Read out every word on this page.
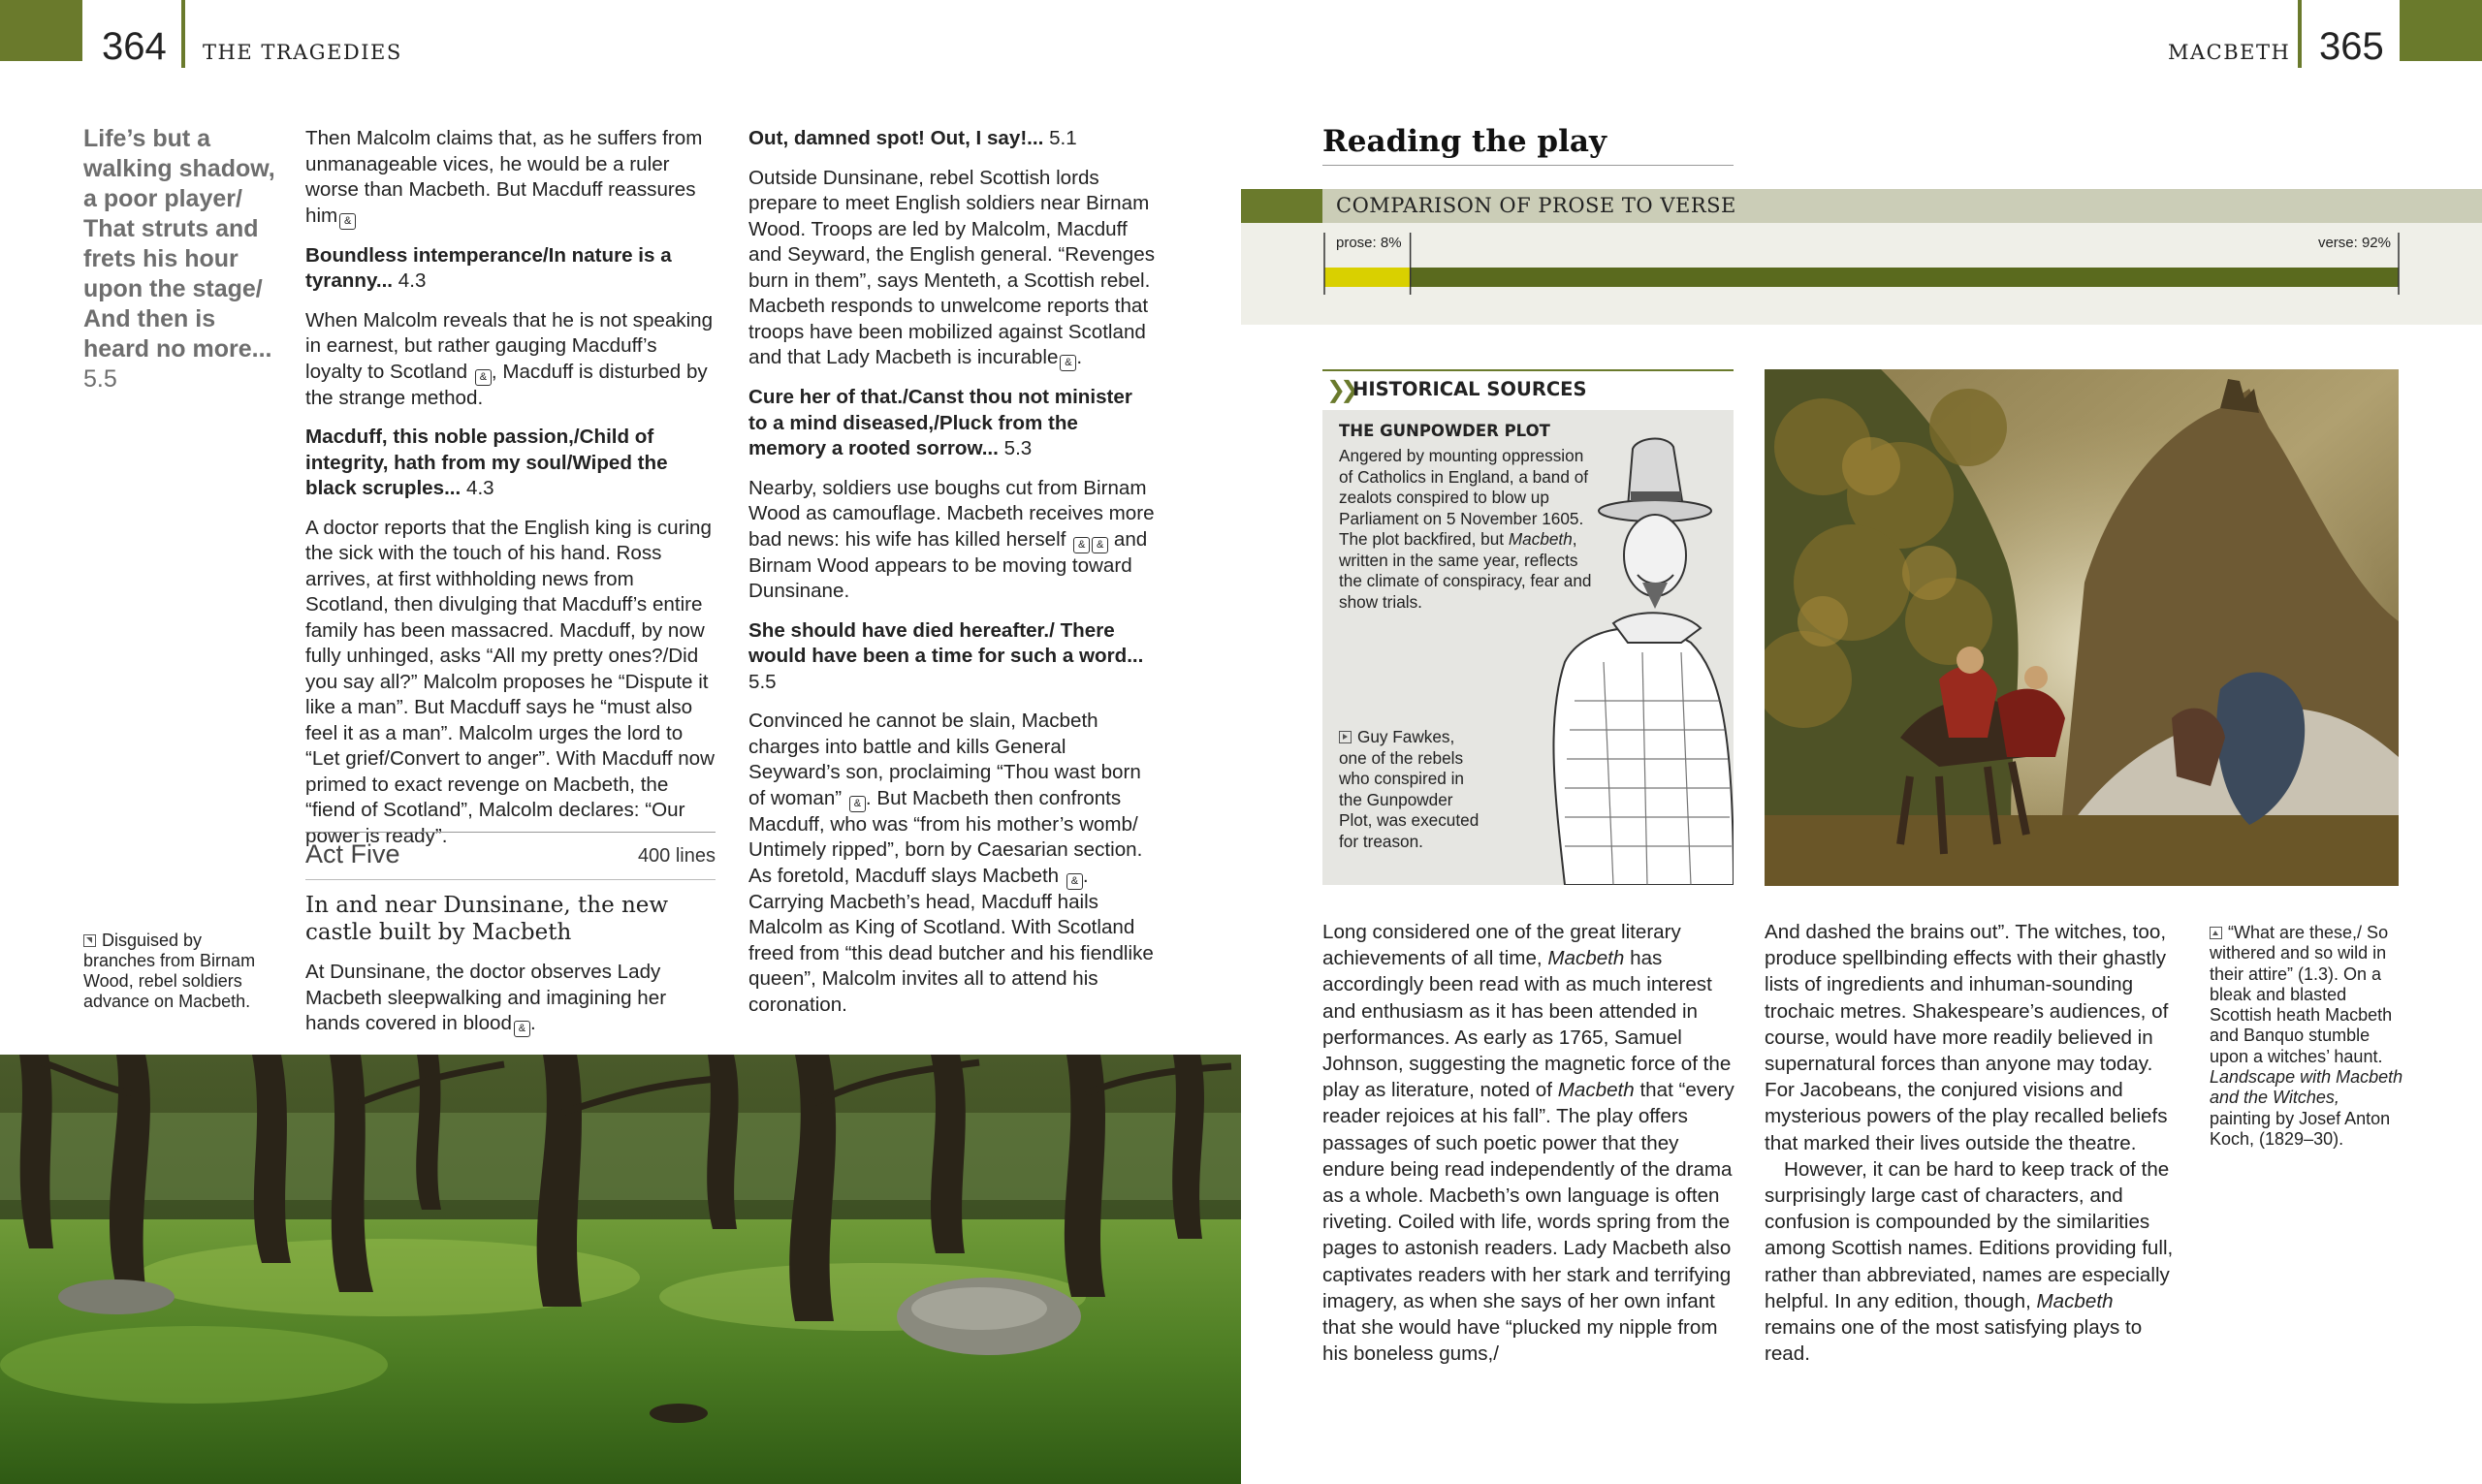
364 THE TRAGEDIES	MACBETH 365
Life’s but a walking shadow, a poor player/ That struts and frets his hour upon the stage/ And then is heard no more... 5.5
Disguised by branches from Birnam Wood, rebel soldiers advance on Macbeth.

Then Malcolm claims that, as he suffers from unmanageable vices, he would be a ruler worse than Macbeth. But Macduff reassures him &

Boundless intemperance/In nature is a tyranny... 4.3

When Malcolm reveals that he is not speaking in earnest, but rather gauging Macduff’s loyalty to Scotland & , Macduff is disturbed by the strange method.

Macduff, this noble passion,/Child of integrity, hath from my soul/Wiped the black scruples... 4.3

A doctor reports that the English king is curing the sick with the touch of his hand. Ross arrives, at first withholding news from Scotland, then divulging that Macduff’s entire family has been massacred. Macduff, by now fully unhinged, asks “All my pretty ones?/Did you say all?” Malcolm proposes he “Dispute it like a man”. But Macduff says he “must also feel it as a man”. Malcolm urges the lord to “Let grief/Convert to anger”. With Macduff now primed to exact revenge on Macbeth, the “fiend of Scotland”, Malcolm declares: “Our power is ready”.

Act Five	400 lines
In and near Dunsinane, the new castle built by Macbeth
At Dunsinane, the doctor observes Lady Macbeth sleepwalking and imagining her hands covered in blood & .

Out, damned spot! Out, I say!... 5.1

Outside Dunsinane, rebel Scottish lords prepare to meet English soldiers near Birnam Wood. Troops are led by Malcolm, Macduff and Seyward, the English general. “Revenges burn in them”, says Menteth, a Scottish rebel. Macbeth responds to unwelcome reports that troops have been mobilized against Scotland and that Lady Macbeth is incurable & .

Cure her of that./Canst thou not minister to a mind diseased,/Pluck from the memory a rooted sorrow... 5.3

Nearby, soldiers use boughs cut from Birnam Wood as camouflage. Macbeth receives more bad news: his wife has killed herself & & and Birnam Wood appears to be moving toward Dunsinane.

She should have died hereafter./ There would have been a time for such a word... 5.5

Convinced he cannot be slain, Macbeth charges into battle and kills General Seyward’s son, proclaiming “Thou wast born of woman” & . But Macbeth then confronts Macduff, who was “from his mother’s womb/ Untimely ripped”, born by Caesarian section. As foretold, Macduff slays Macbeth & . Carrying Macbeth’s head, Macduff hails Malcolm as King of Scotland. With Scotland freed from “this dead butcher and his fiendlike queen”, Malcolm invites all to attend his coronation.

Reading the play
COMPARISON OF PROSE TO VERSE
prose: 8%	verse: 92%
❯❯
HISTORICAL SOURCES
THE GUNPOWDER PLOT
Angered by mounting oppression of Catholics in England, a band of zealots conspired to blow up Parliament on 5 November 1605. The plot backfired, but Macbeth, written in the same year, reflects the climate of conspiracy, fear and show trials.
Guy Fawkes, one of the rebels who conspired in the Gunpowder Plot, was executed for treason.
Long considered one of the great literary achievements of all time, Macbeth has accordingly been read with as much interest and enthusiasm as it has been attended in performances. As early as 1765, Samuel Johnson, suggesting the magnetic force of the play as literature, noted of Macbeth that “every reader rejoices at his fall”. The play offers passages of such poetic power that they endure being read independently of the drama as a whole. Macbeth’s own language is often riveting. Coiled with life, words spring from the pages to astonish readers. Lady Macbeth also captivates readers with her stark and terrifying imagery, as when she says of her own infant that she would have “plucked my nipple from his boneless gums,/
And dashed the brains out”. The witches, too, produce spellbinding effects with their ghastly lists of ingredients and inhuman-sounding trochaic metres. Shakespeare’s audiences, of course, would have more readily believed in supernatural forces than anyone may today. For Jacobeans, the conjured visions and mysterious powers of the play recalled beliefs that marked their lives outside the theatre.
However, it can be hard to keep track of the surprisingly large cast of characters, and confusion is compounded by the similarities among Scottish names. Editions providing full, rather than abbreviated, names are especially helpful. In any edition, though, Macbeth remains one of the most satisfying plays to read.
“What are these,/ So withered and so wild in their attire” (1.3). On a bleak and blasted Scottish heath Macbeth and Banquo stumble upon a witches’ haunt. Landscape with Macbeth and the Witches, painting by Josef Anton Koch, (1829–30).
